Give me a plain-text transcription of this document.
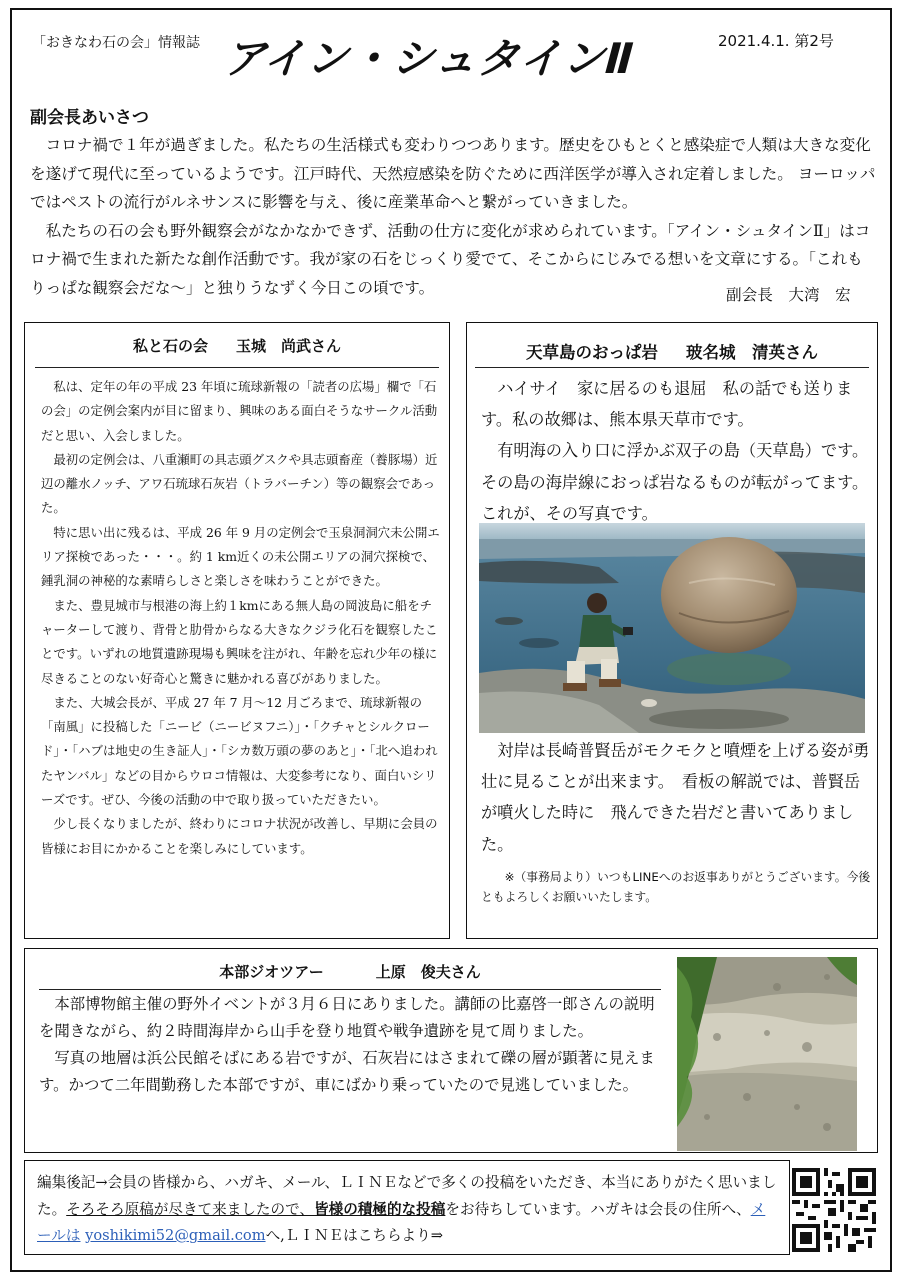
「おきなわ石の会」情報誌 アイン・シュタインⅡ	2021.4.1. 第2号
副会長あいさつ

コロナ禍で１年が過ぎました。私たちの生活様式も変わりつつあります。歴史をひもとくと感染症で人類は大きな変化を遂げて現代に至っているようです。江戸時代、天然痘感染を防ぐために西洋医学が導入され定着しました。 ヨーロッパではペストの流行がルネサンスに影響を与え、後に産業革命へと繋がっていきました。

私たちの石の会も野外観察会がなかなかできず、活動の仕方に変化が求められています。「アイン・シュタインⅡ」はコロナ禍で生まれた新たな創作活動です。我が家の石をじっくり愛でて、そこからにじみでる想いを文章にする。「これもりっぱな観察会だな～」と独りうなずく今日この頃です。	副会長　大湾　宏
私と石の会 玉城　尚武さん

私は、定年の年の平成 23 年頃に琉球新報の「読者の広場」欄で「石の会」の定例会案内が目に留まり、興味のある面白そうなサークル活動だと思い、入会しました。

最初の定例会は、八重瀬町の具志頭グスクや具志頭畜産（養豚場）近辺の離水ノッチ、アワ石琉球石灰岩（トラバーチン）等の観察会であった。

特に思い出に残るは、平成 26 年 9 月の定例会で玉泉洞洞穴未公開エリア探検であった・・・。約 1 km近くの未公開エリアの洞穴探検で、鍾乳洞の神秘的な素晴らしさと楽しさを味わうことができた。

また、豊見城市与根港の海上約１kmにある無人島の岡波島に船をチャーターして渡り、背骨と肋骨からなる大きなクジラ化石を観察したことです。いずれの地質遺跡現場も興味を注がれ、年齢を忘れ少年の様に尽きることのない好奇心と驚きに魅かれる喜びがありました。

また、大城会長が、平成 27 年 7 月～12 月ごろまで、琉球新報の「南風」に投稿した「ニービ（ニービヌフニ）」・「クチャとシルクロード」・「ハブは地史の生き証人」・「シカ数万頭の夢のあと」・「北へ追われたヤンバル」などの目からウロコ情報は、大変参考になり、面白いシリーズです。ぜひ、今後の活動の中で取り扱っていただきたい。

少し長くなりましたが、終わりにコロナ状況が改善し、早期に会員の皆様にお目にかかることを楽しみにしています。

天草島のおっぱ岩 玻名城　清英さん

ハイサイ　家に居るのも退屈　私の話でも送ります。私の故郷は、熊本県天草市です。

有明海の入り口に浮かぶ双子の島（天草島）です。その島の海岸線におっぱ岩なるものが転がってます。　これが、その写真です。

対岸は長崎普賢岳がモクモクと噴煙を上げる姿が勇壮に見ることが出来ます。　看板の解説では、普賢岳が噴火した時に　飛んできた岩だと書いてありました。

※（事務局より）いつもLINEへのお返事ありがとうございます。今後ともよろしくお願いいたします。

本部ジオツアー	上原　俊夫さん

本部博物館主催の野外イベントが３月６日にありました。講師の比嘉啓一郎さんの説明を聞きながら、約２時間海岸から山手を登り地質や戦争遺跡を見て周りました。

写真の地層は浜公民館そばにある岩ですが、石灰岩にはさまれて礫の層が顕著に見えます。かつて二年間勤務した本部ですが、車にばかり乗っていたので見逃していました。

編集後記→会員の皆様から、ハガキ、メール、ＬＩＮＥなどで多くの投稿をいただき、本当にありがたく思いました。そろそろ原稿が尽きて来ましたので、皆様の積極的な投稿をお待ちしています。ハガキは会長の住所へ、メールは yoshikimi52@gmail.comへ,ＬＩＮＥはこちらより⇒
